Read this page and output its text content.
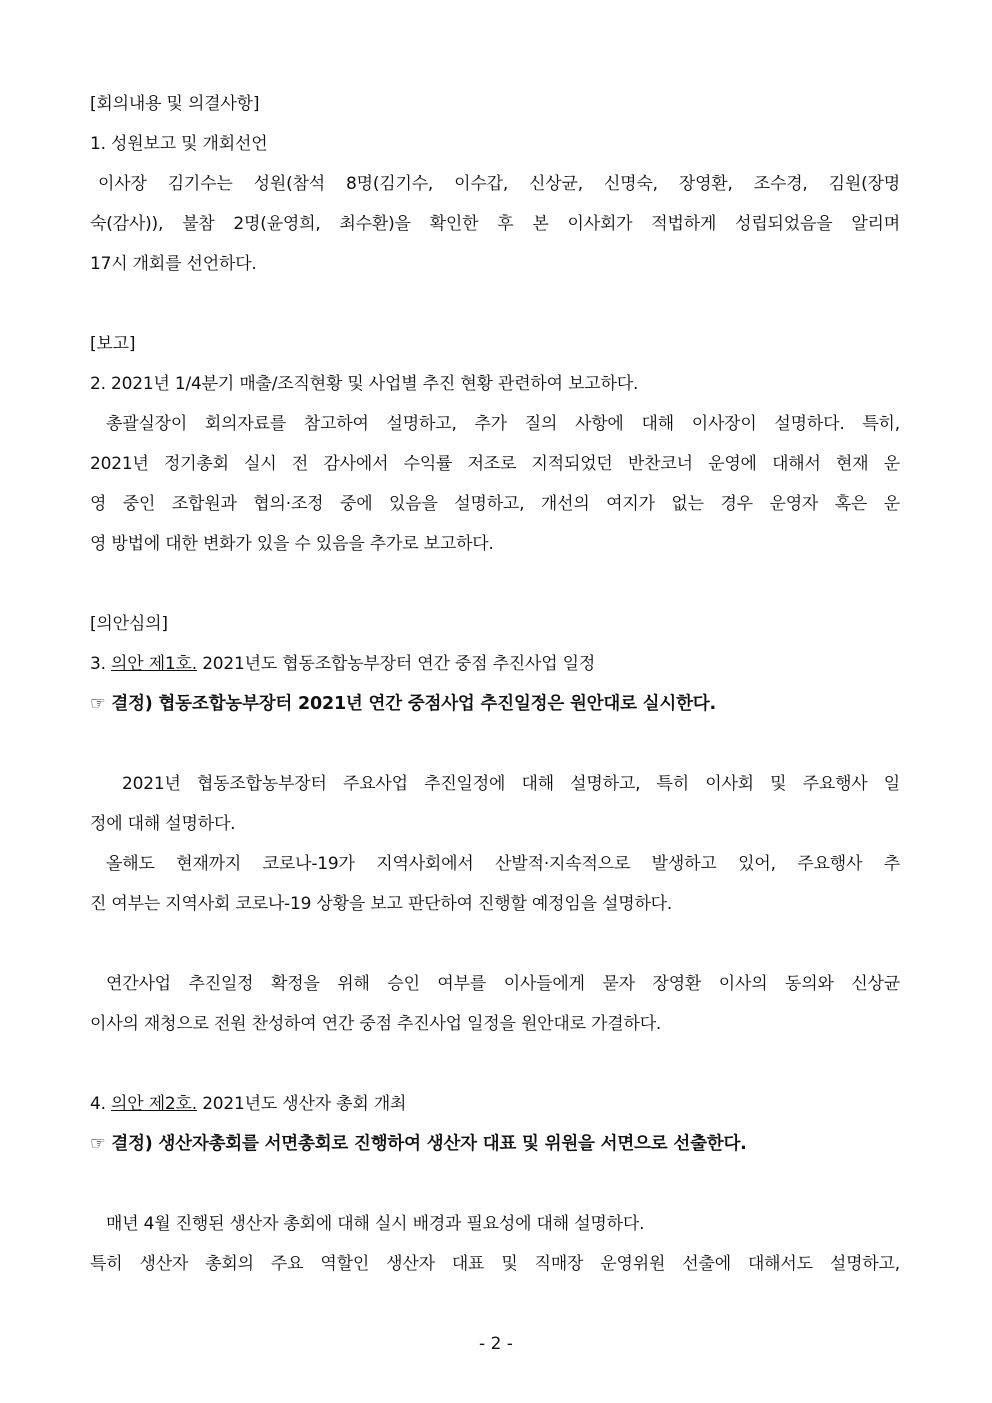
[회의내용 및 의결사항]
1. 성원보고 및 개회선언
이사장 김기수는 성원(참석 8명(김기수, 이수갑, 신상균, 신명숙, 장영환, 조수경, 김원(장명
숙(감사)), 불참 2명(윤영희, 최수환)을 확인한 후 본 이사회가 적법하게 성립되었음을 알리며
17시 개회를 선언하다.
[보고]
2. 2021년 1/4분기 매출/조직현황 및 사업별 추진 현황 관련하여 보고하다.
총괄실장이 회의자료를 참고하여 설명하고, 추가 질의 사항에 대해 이사장이 설명하다. 특히,
2021년 정기총회 실시 전 감사에서 수익률 저조로 지적되었던 반찬코너 운영에 대해서 현재 운
영 중인 조합원과 협의·조정 중에 있음을 설명하고, 개선의 여지가 없는 경우 운영자 혹은 운
영 방법에 대한 변화가 있을 수 있음을 추가로 보고하다.
[의안심의]
3. 의안 제1호. 2021년도 협동조합농부장터 연간 중점 추진사업 일정
☞ 결정) 협동조합농부장터 2021년 연간 중점사업 추진일정은 원안대로 실시한다.
2021년 협동조합농부장터 주요사업 추진일정에 대해 설명하고, 특히 이사회 및 주요행사 일
정에 대해 설명하다.
올해도 현재까지 코로나-19가 지역사회에서 산발적·지속적으로 발생하고 있어, 주요행사 추
진 여부는 지역사회 코로나-19 상황을 보고 판단하여 진행할 예정임을 설명하다.
연간사업 추진일정 확정을 위해 승인 여부를 이사들에게 묻자 장영환 이사의 동의와 신상균
이사의 재청으로 전원 찬성하여 연간 중점 추진사업 일정을 원안대로 가결하다.
4. 의안 제2호. 2021년도 생산자 총회 개최
☞ 결정) 생산자총회를 서면총회로 진행하여 생산자 대표 및 위원을 서면으로 선출한다.
매년 4월 진행된 생산자 총회에 대해 실시 배경과 필요성에 대해 설명하다.
특히 생산자 총회의 주요 역할인 생산자 대표 및 직매장 운영위원 선출에 대해서도 설명하고,
- 2 -
